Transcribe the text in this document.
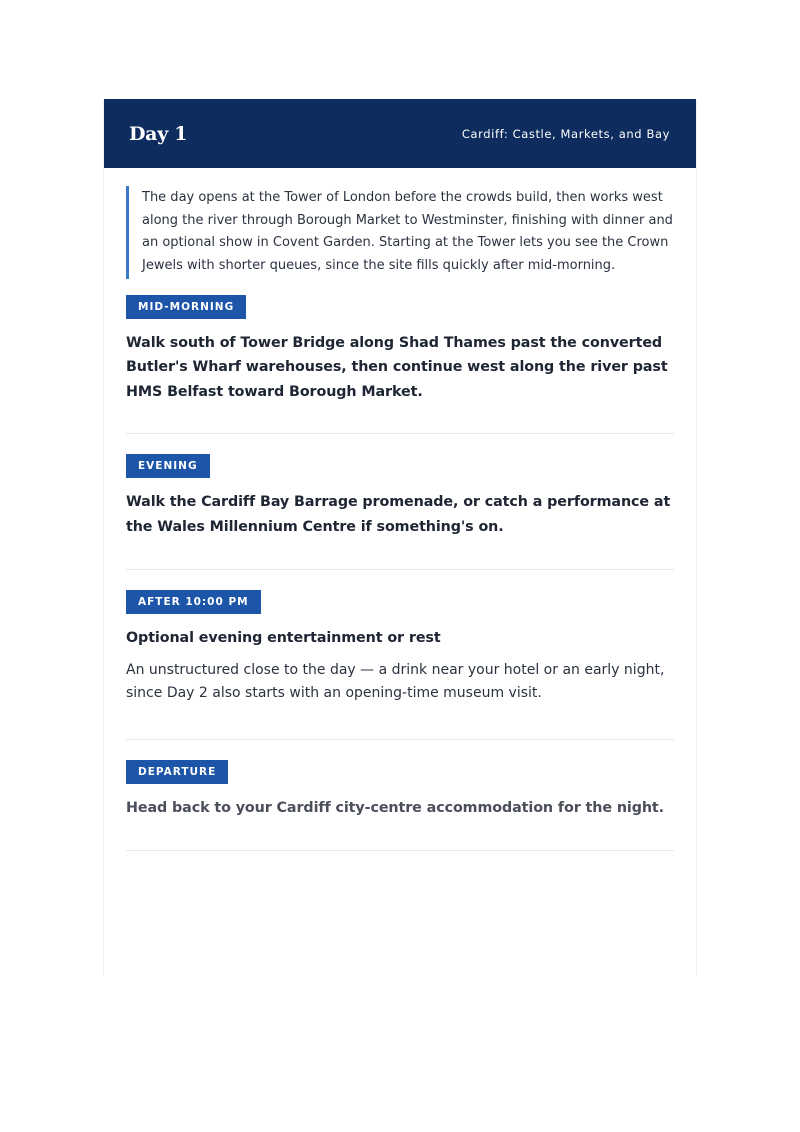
Day 1	Cardiff: Castle, Markets, and Bay

The day opens at the Tower of London before the crowds build, then works west along the river through Borough Market to Westminster, finishing with dinner and an optional show in Covent Garden. Starting at the Tower lets you see the Crown Jewels with shorter queues, since the site fills quickly after mid-morning.

MID-MORNING
Walk south of Tower Bridge along Shad Thames past the converted Butler's Wharf warehouses, then continue west along the river past HMS Belfast toward Borough Market.
EVENING
Walk the Cardiff Bay Barrage promenade, or catch a performance at the Wales Millennium Centre if something's on.
AFTER 10:00 PM
Optional evening entertainment or rest
An unstructured close to the day — a drink near your hotel or an early night, since Day 2 also starts with an opening-time museum visit.
DEPARTURE
Head back to your Cardiff city-centre accommodation for the night.
